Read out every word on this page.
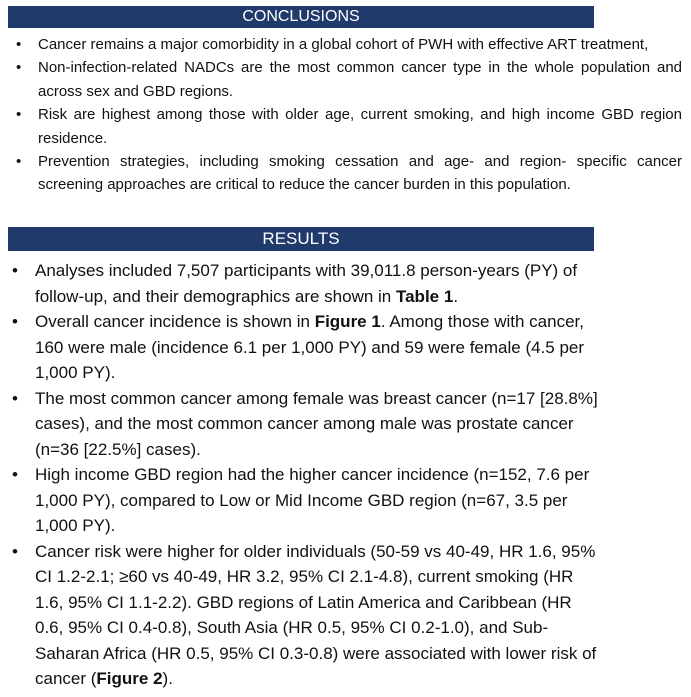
CONCLUSIONS
• Cancer remains a major comorbidity in a global cohort of PWH with effective ART treatment,
• Non-infection-related NADCs are the most common cancer type in the whole population and across sex and GBD regions.
• Risk are highest among those with older age, current smoking, and high income GBD region residence.
• Prevention strategies, including smoking cessation and age- and region- specific cancer screening approaches are critical to reduce the cancer burden in this population.
RESULTS
• Analyses included 7,507 participants with 39,011.8 person-years (PY) of follow-up, and their demographics are shown in Table 1.
• Overall cancer incidence is shown in Figure 1. Among those with cancer, 160 were male (incidence 6.1 per 1,000 PY) and 59 were female (4.5 per 1,000 PY).
• The most common cancer among female was breast cancer (n=17 [28.8%] cases), and the most common cancer among male was prostate cancer (n=36 [22.5%] cases).
• High income GBD region had the higher cancer incidence (n=152, 7.6 per 1,000 PY), compared to Low or Mid Income GBD region (n=67, 3.5 per 1,000 PY).
• Cancer risk were higher for older individuals (50-59 vs 40-49, HR 1.6, 95% CI 1.2-2.1; ≥60 vs 40-49, HR 3.2, 95% CI 2.1-4.8), current smoking (HR 1.6, 95% CI 1.1-2.2). GBD regions of Latin America and Caribbean (HR 0.6, 95% CI 0.4-0.8), South Asia (HR 0.5, 95% CI 0.2-1.0), and Sub-Saharan Africa (HR 0.5, 95% CI 0.3-0.8) were associated with lower risk of cancer (Figure 2).
